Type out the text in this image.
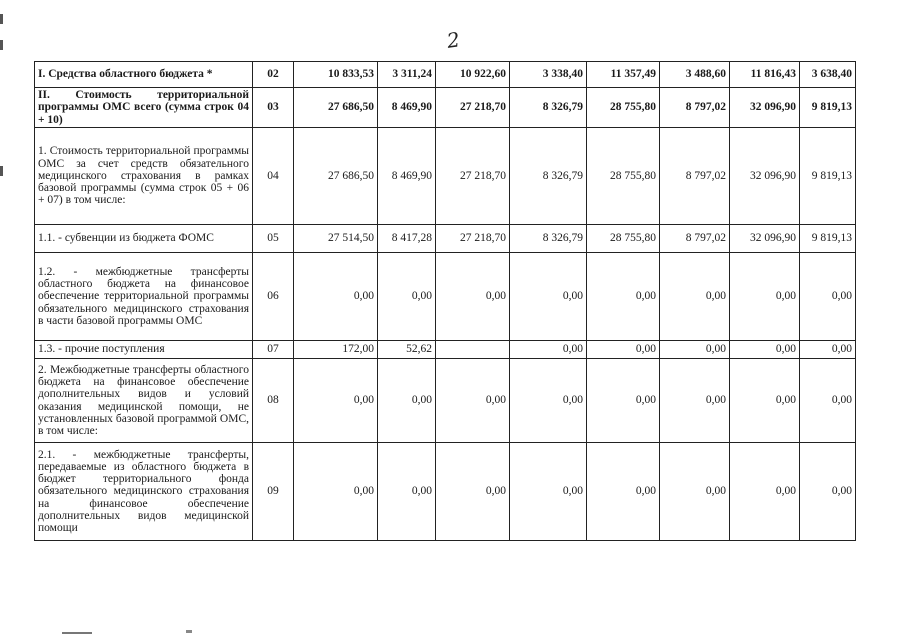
2
I. Средства областного бюджета *	02	10 833,53	3 311,24	10 922,60	3 338,40	11 357,49	3 488,60	11 816,43	3 638,40
II. Стоимость территориальной программы ОМС всего (сумма строк 04 + 10)	03	27 686,50	8 469,90	27 218,70	8 326,79	28 755,80	8 797,02	32 096,90	9 819,13
1. Стоимость территориальной программы ОМС за счет средств обязательного медицинского страхования в рамках базовой программы (сумма строк 05 + 06 + 07) в том числе:	04	27 686,50	8 469,90	27 218,70	8 326,79	28 755,80	8 797,02	32 096,90	9 819,13
1.1. - субвенции из бюджета ФОМС	05	27 514,50	8 417,28	27 218,70	8 326,79	28 755,80	8 797,02	32 096,90	9 819,13
1.2. - межбюджетные трансферты областного бюджета на финансовое обеспечение территориальной программы обязательного медицинского страхования в части базовой программы ОМС	06	0,00	0,00	0,00	0,00	0,00	0,00	0,00	0,00
1.3. - прочие поступления	07	172,00	52,62		0,00	0,00	0,00	0,00	0,00
2. Межбюджетные трансферты областного бюджета на финансовое обеспечение дополнительных видов и условий оказания медицинской помощи, не установленных базовой программой ОМС, в том числе:	08	0,00	0,00	0,00	0,00	0,00	0,00	0,00	0,00
2.1. - межбюджетные трансферты, передаваемые из областного бюджета в бюджет территориального фонда обязательного медицинского страхования на финансовое обеспечение дополнительных видов медицинской помощи	09	0,00	0,00	0,00	0,00	0,00	0,00	0,00	0,00
